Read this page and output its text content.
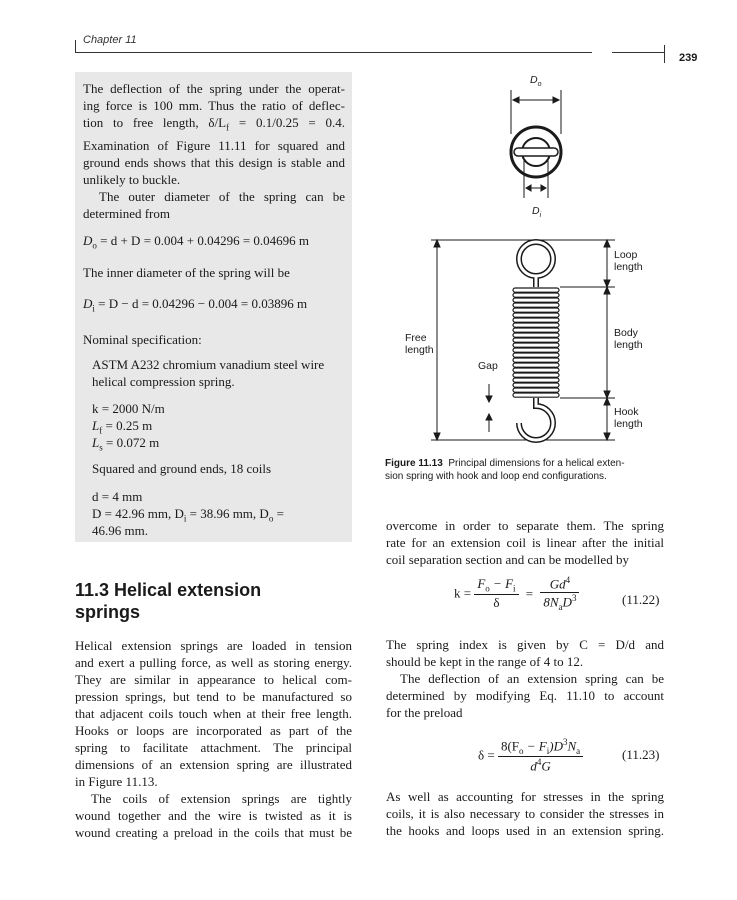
Chapter 11
239
The deflection of the spring under the operat-
ing force is 100 mm. Thus the ratio of deflec-
tion to free length, $\delta/L_f = 0.1/0.25 = 0.4$.
Examination of Figure 11.11 for squared and
ground ends shows that this design is stable and
unlikely to buckle.
The outer diameter of the spring can be
determined from
$D_o = d + D = 0.004 + 0.04296 = 0.04696$ m
The inner diameter of the spring will be
$D_i = D - d = 0.04296 - 0.004 = 0.03896$ m
Nominal specification:
ASTM A232 chromium vanadium steel wire
helical compression spring.
k = 2000 N/m
$L_f = 0.25$ m
$L_s = 0.072$ m
Squared and ground ends, 18 coils
d = 4 mm
D = 42.96 mm, $D_i = 38.96$ mm, $D_o$ =
46.96 mm.
11.3 Helical extension
springs
Helical extension springs are loaded in tension
and exert a pulling force, as well as storing energy.
They are similar in appearance to helical com-
pression springs, but tend to be manufactured so
that adjacent coils touch when at their free length.
Hooks or loops are incorporated as part of the
spring to facilitate attachment. The principal
dimensions of an extension spring are illustrated
in Figure 11.13.
The coils of extension springs are tightly
wound together and the wire is twisted as it is
wound creating a preload in the coils that must be
$D_o$
$D_i$
Loop
length
Body
length
Hook
length
Free
length
Gap
Figure 11.13 Principal dimensions for a helical exten-
sion spring with hook and loop end configurations.
overcome in order to separate them. The spring
rate for an extension coil is linear after the initial
coil separation section and can be modelled by
$k = \frac{F_o - F_i}{\delta} = \frac{Gd^4}{8N_aD^3}$	(11.22)
The spring index is given by C = D/d and
should be kept in the range of 4 to 12.
The deflection of an extension spring can be
determined by modifying Eq. 11.10 to account
for the preload
$\delta = \frac{8(F_o - F_i)D^3N_a}{d^4G}$	(11.23)
As well as accounting for stresses in the spring
coils, it is also necessary to consider the stresses in
the hooks and loops used in an extension spring.
